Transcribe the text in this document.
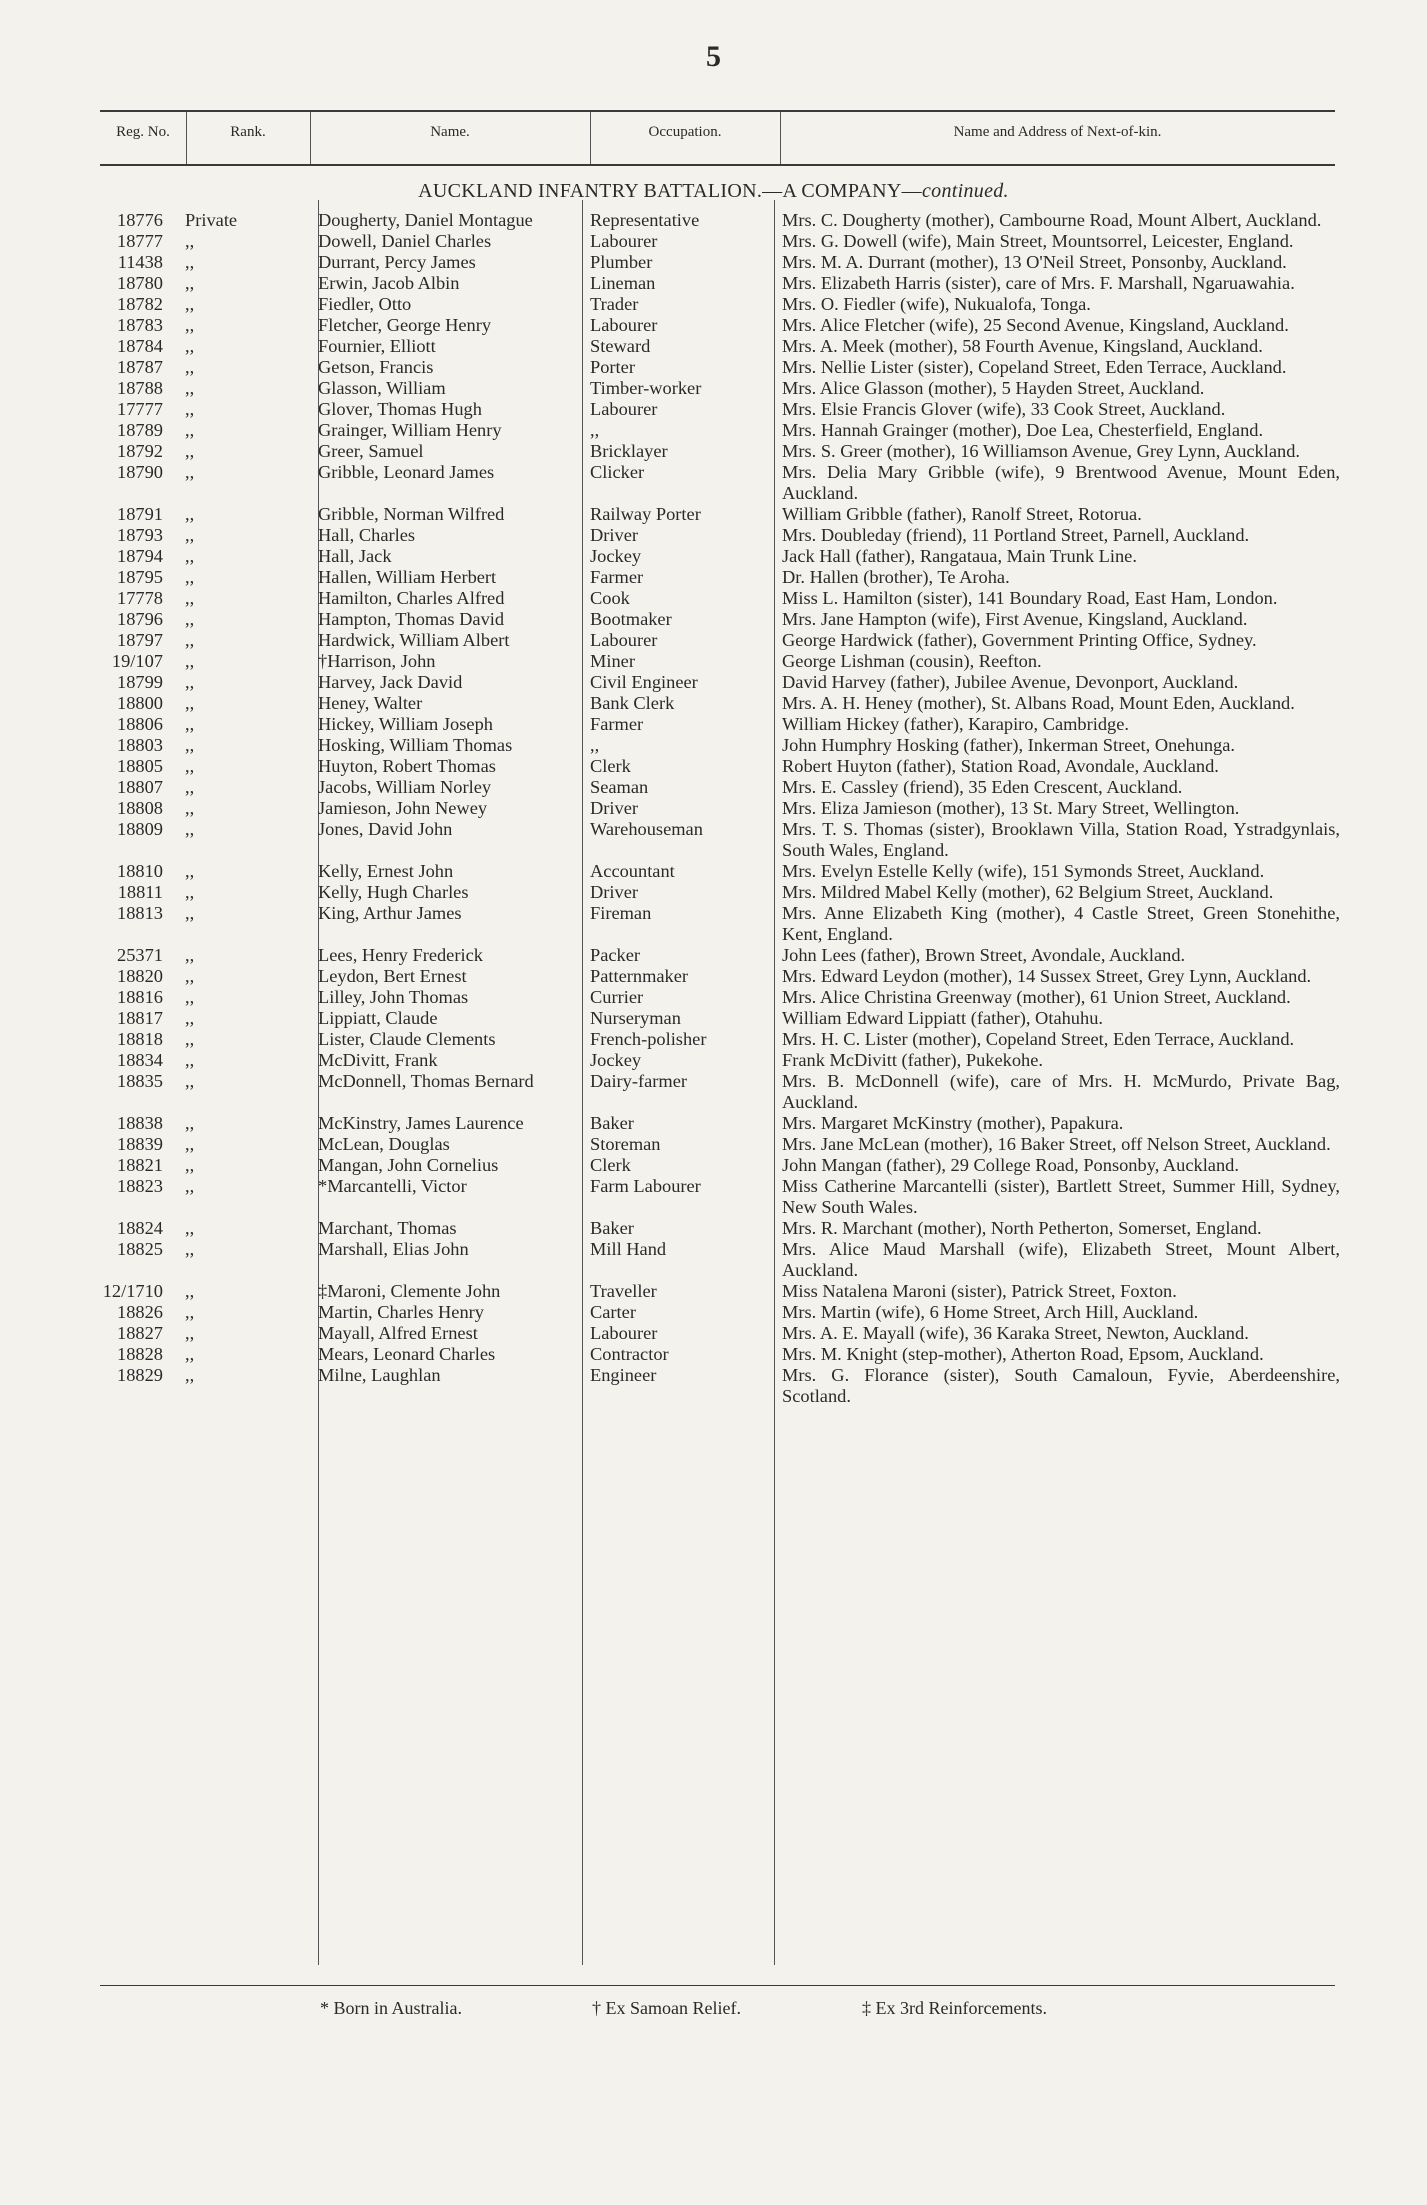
5
Reg. No.	Rank.	Name.	Occupation.	Name and Address of Next-of-kin.
AUCKLAND INFANTRY BATTALION.—A COMPANY—continued.
18776	Private	Dougherty, Daniel Montague	Representative	Mrs. C. Dougherty (mother), Cambourne Road, Mount Albert, Auckland.
18777	,,	Dowell, Daniel Charles	Labourer	Mrs. G. Dowell (wife), Main Street, Mountsorrel, Leicester, England.
11438	,,	Durrant, Percy James	Plumber	Mrs. M. A. Durrant (mother), 13 O'Neil Street, Ponsonby, Auckland.
18780	,,	Erwin, Jacob Albin	Lineman	Mrs. Elizabeth Harris (sister), care of Mrs. F. Marshall, Ngaruawahia.
18782	,,	Fiedler, Otto	Trader	Mrs. O. Fiedler (wife), Nukualofa, Tonga.
18783	,,	Fletcher, George Henry	Labourer	Mrs. Alice Fletcher (wife), 25 Second Avenue, Kingsland, Auckland.
18784	,,	Fournier, Elliott	Steward	Mrs. A. Meek (mother), 58 Fourth Avenue, Kingsland, Auckland.
18787	,,	Getson, Francis	Porter	Mrs. Nellie Lister (sister), Copeland Street, Eden Terrace, Auckland.
18788	,,	Glasson, William	Timber-worker	Mrs. Alice Glasson (mother), 5 Hayden Street, Auckland.
17777	,,	Glover, Thomas Hugh	Labourer	Mrs. Elsie Francis Glover (wife), 33 Cook Street, Auckland.
18789	,,	Grainger, William Henry	,,	Mrs. Hannah Grainger (mother), Doe Lea, Chesterfield, England.
18792	,,	Greer, Samuel	Bricklayer	Mrs. S. Greer (mother), 16 Williamson Avenue, Grey Lynn, Auckland.
18790	,,	Gribble, Leonard James	Clicker	Mrs. Delia Mary Gribble (wife), 9 Brentwood Avenue, Mount Eden, Auckland.
18791	,,	Gribble, Norman Wilfred	Railway Porter	William Gribble (father), Ranolf Street, Rotorua.
18793	,,	Hall, Charles	Driver	Mrs. Doubleday (friend), 11 Portland Street, Parnell, Auckland.
18794	,,	Hall, Jack	Jockey	Jack Hall (father), Rangataua, Main Trunk Line.
18795	,,	Hallen, William Herbert	Farmer	Dr. Hallen (brother), Te Aroha.
17778	,,	Hamilton, Charles Alfred	Cook	Miss L. Hamilton (sister), 141 Boundary Road, East Ham, London.
18796	,,	Hampton, Thomas David	Bootmaker	Mrs. Jane Hampton (wife), First Avenue, Kingsland, Auckland.
18797	,,	Hardwick, William Albert	Labourer	George Hardwick (father), Government Printing Office, Sydney.
19/107	,,	†Harrison, John	Miner	George Lishman (cousin), Reefton.
18799	,,	Harvey, Jack David	Civil Engineer	David Harvey (father), Jubilee Avenue, Devonport, Auckland.
18800	,,	Heney, Walter	Bank Clerk	Mrs. A. H. Heney (mother), St. Albans Road, Mount Eden, Auckland.
18806	,,	Hickey, William Joseph	Farmer	William Hickey (father), Karapiro, Cambridge.
18803	,,	Hosking, William Thomas	,,	John Humphry Hosking (father), Inkerman Street, Onehunga.
18805	,,	Huyton, Robert Thomas	Clerk	Robert Huyton (father), Station Road, Avondale, Auckland.
18807	,,	Jacobs, William Norley	Seaman	Mrs. E. Cassley (friend), 35 Eden Crescent, Auckland.
18808	,,	Jamieson, John Newey	Driver	Mrs. Eliza Jamieson (mother), 13 St. Mary Street, Wellington.
18809	,,	Jones, David John	Warehouseman	Mrs. T. S. Thomas (sister), Brooklawn Villa, Station Road, Ystradgynlais, South Wales, England.
18810	,,	Kelly, Ernest John	Accountant	Mrs. Evelyn Estelle Kelly (wife), 151 Symonds Street, Auckland.
18811	,,	Kelly, Hugh Charles	Driver	Mrs. Mildred Mabel Kelly (mother), 62 Belgium Street, Auckland.
18813	,,	King, Arthur James	Fireman	Mrs. Anne Elizabeth King (mother), 4 Castle Street, Green Stonehithe, Kent, England.
25371	,,	Lees, Henry Frederick	Packer	John Lees (father), Brown Street, Avondale, Auckland.
18820	,,	Leydon, Bert Ernest	Patternmaker	Mrs. Edward Leydon (mother), 14 Sussex Street, Grey Lynn, Auckland.
18816	,,	Lilley, John Thomas	Currier	Mrs. Alice Christina Greenway (mother), 61 Union Street, Auckland.
18817	,,	Lippiatt, Claude	Nurseryman	William Edward Lippiatt (father), Otahuhu.
18818	,,	Lister, Claude Clements	French-polisher	Mrs. H. C. Lister (mother), Copeland Street, Eden Terrace, Auckland.
18834	,,	McDivitt, Frank	Jockey	Frank McDivitt (father), Pukekohe.
18835	,,	McDonnell, Thomas Bernard	Dairy-farmer	Mrs. B. McDonnell (wife), care of Mrs. H. McMurdo, Private Bag, Auckland.
18838	,,	McKinstry, James Laurence	Baker	Mrs. Margaret McKinstry (mother), Papakura.
18839	,,	McLean, Douglas	Storeman	Mrs. Jane McLean (mother), 16 Baker Street, off Nelson Street, Auckland.
18821	,,	Mangan, John Cornelius	Clerk	John Mangan (father), 29 College Road, Ponsonby, Auckland.
18823	,,	*Marcantelli, Victor	Farm Labourer	Miss Catherine Marcantelli (sister), Bartlett Street, Summer Hill, Sydney, New South Wales.
18824	,,	Marchant, Thomas	Baker	Mrs. R. Marchant (mother), North Petherton, Somerset, England.
18825	,,	Marshall, Elias John	Mill Hand	Mrs. Alice Maud Marshall (wife), Elizabeth Street, Mount Albert, Auckland.
12/1710	,,	‡Maroni, Clemente John	Traveller	Miss Natalena Maroni (sister), Patrick Street, Foxton.
18826	,,	Martin, Charles Henry	Carter	Mrs. Martin (wife), 6 Home Street, Arch Hill, Auckland.
18827	,,	Mayall, Alfred Ernest	Labourer	Mrs. A. E. Mayall (wife), 36 Karaka Street, Newton, Auckland.
18828	,,	Mears, Leonard Charles	Contractor	Mrs. M. Knight (step-mother), Atherton Road, Epsom, Auckland.
18829	,,	Milne, Laughlan	Engineer	Mrs. G. Florance (sister), South Camaloun, Fyvie, Aberdeenshire, Scotland.
* Born in Australia.	† Ex Samoan Relief.	‡ Ex 3rd Reinforcements.
